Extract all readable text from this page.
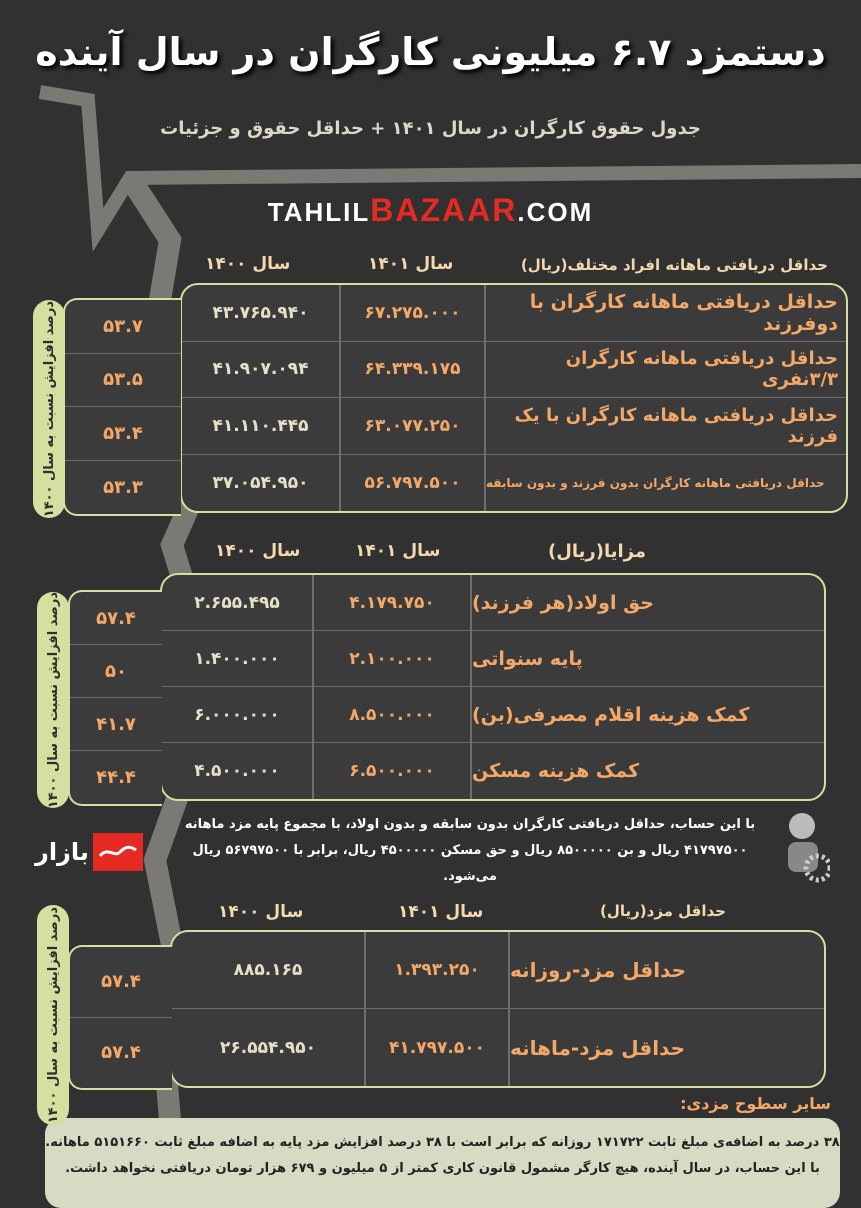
دستمزد ۶.۷ میلیونی کارگران در سال آینده
جدول حقوق کارگران در سال ۱۴۰۱ + حداقل حقوق و جزئیات
TAHLILBAZAAR.COM
حداقل دریافتی ماهانه افراد مختلف(ریال)
سال ۱۴۰۱
سال ۱۴۰۰
حداقل دریافتی ماهانه کارگران با دوفرزند
۶۷.۲۷۵.۰۰۰
۴۳.۷۶۵.۹۴۰
حداقل دریافتی ماهانه کارگران ۳/۳نفری
۶۴.۳۳۹.۱۷۵
۴۱.۹۰۷.۰۹۴
حداقل دریافتی ماهانه کارگران با یک فرزند
۶۳.۰۷۷.۲۵۰
۴۱.۱۱۰.۴۴۵
حداقل دریافتی ماهانه کارگران بدون فرزند و بدون سابقه
۵۶.۷۹۷.۵۰۰
۳۷.۰۵۴.۹۵۰
۵۳.۷
۵۳.۵
۵۳.۴
۵۳.۳
درصد افزایش نسبت به سال ۱۴۰۰
مزایا(ریال)
سال ۱۴۰۱
سال ۱۴۰۰
حق اولاد(هر فرزند)
۴.۱۷۹.۷۵۰
۲.۶۵۵.۴۹۵
پایه سنواتی
۲.۱۰۰.۰۰۰
۱.۴۰۰.۰۰۰
کمک هزینه اقلام مصرفی(بن)
۸.۵۰۰.۰۰۰
۶.۰۰۰.۰۰۰
کمک هزینه مسکن
۶.۵۰۰.۰۰۰
۴.۵۰۰.۰۰۰
۵۷.۴
۵۰
۴۱.۷
۴۴.۴
درصد افزایش نسبت به سال ۱۴۰۰
با این حساب، حداقل دریافتی کارگران بدون سابقه و بدون اولاد، با مجموع پایه مزد ماهانه
۴۱۷۹۷۵۰۰ ریال و بن ۸۵۰۰۰۰۰ ریال و حق مسکن ۴۵۰۰۰۰۰ ریال، برابر با ۵۶۷۹۷۵۰۰ ریال می‌شود.
بازار
حداقل مزد(ریال)
سال ۱۴۰۱
سال ۱۴۰۰
حداقل مزد-روزانه
۱.۳۹۳.۲۵۰
۸۸۵.۱۶۵
حداقل مزد-ماهانه
۴۱.۷۹۷.۵۰۰
۲۶.۵۵۴.۹۵۰
۵۷.۴
۵۷.۴
درصد افزایش نسبت به سال ۱۴۰۰
سایر سطوح مزدی:
۳۸ درصد به اضافه‌ی مبلغ ثابت ۱۷۱۷۲۲ روزانه که برابر است با ۳۸ درصد افزایش مزد پایه به اضافه مبلغ ثابت ۵۱۵۱۶۶۰ ماهانه.
با این حساب، در سال آینده، هیچ کارگر مشمول قانون کاری کمتر از ۵ میلیون و ۶۷۹ هزار تومان دریافتی نخواهد داشت.
